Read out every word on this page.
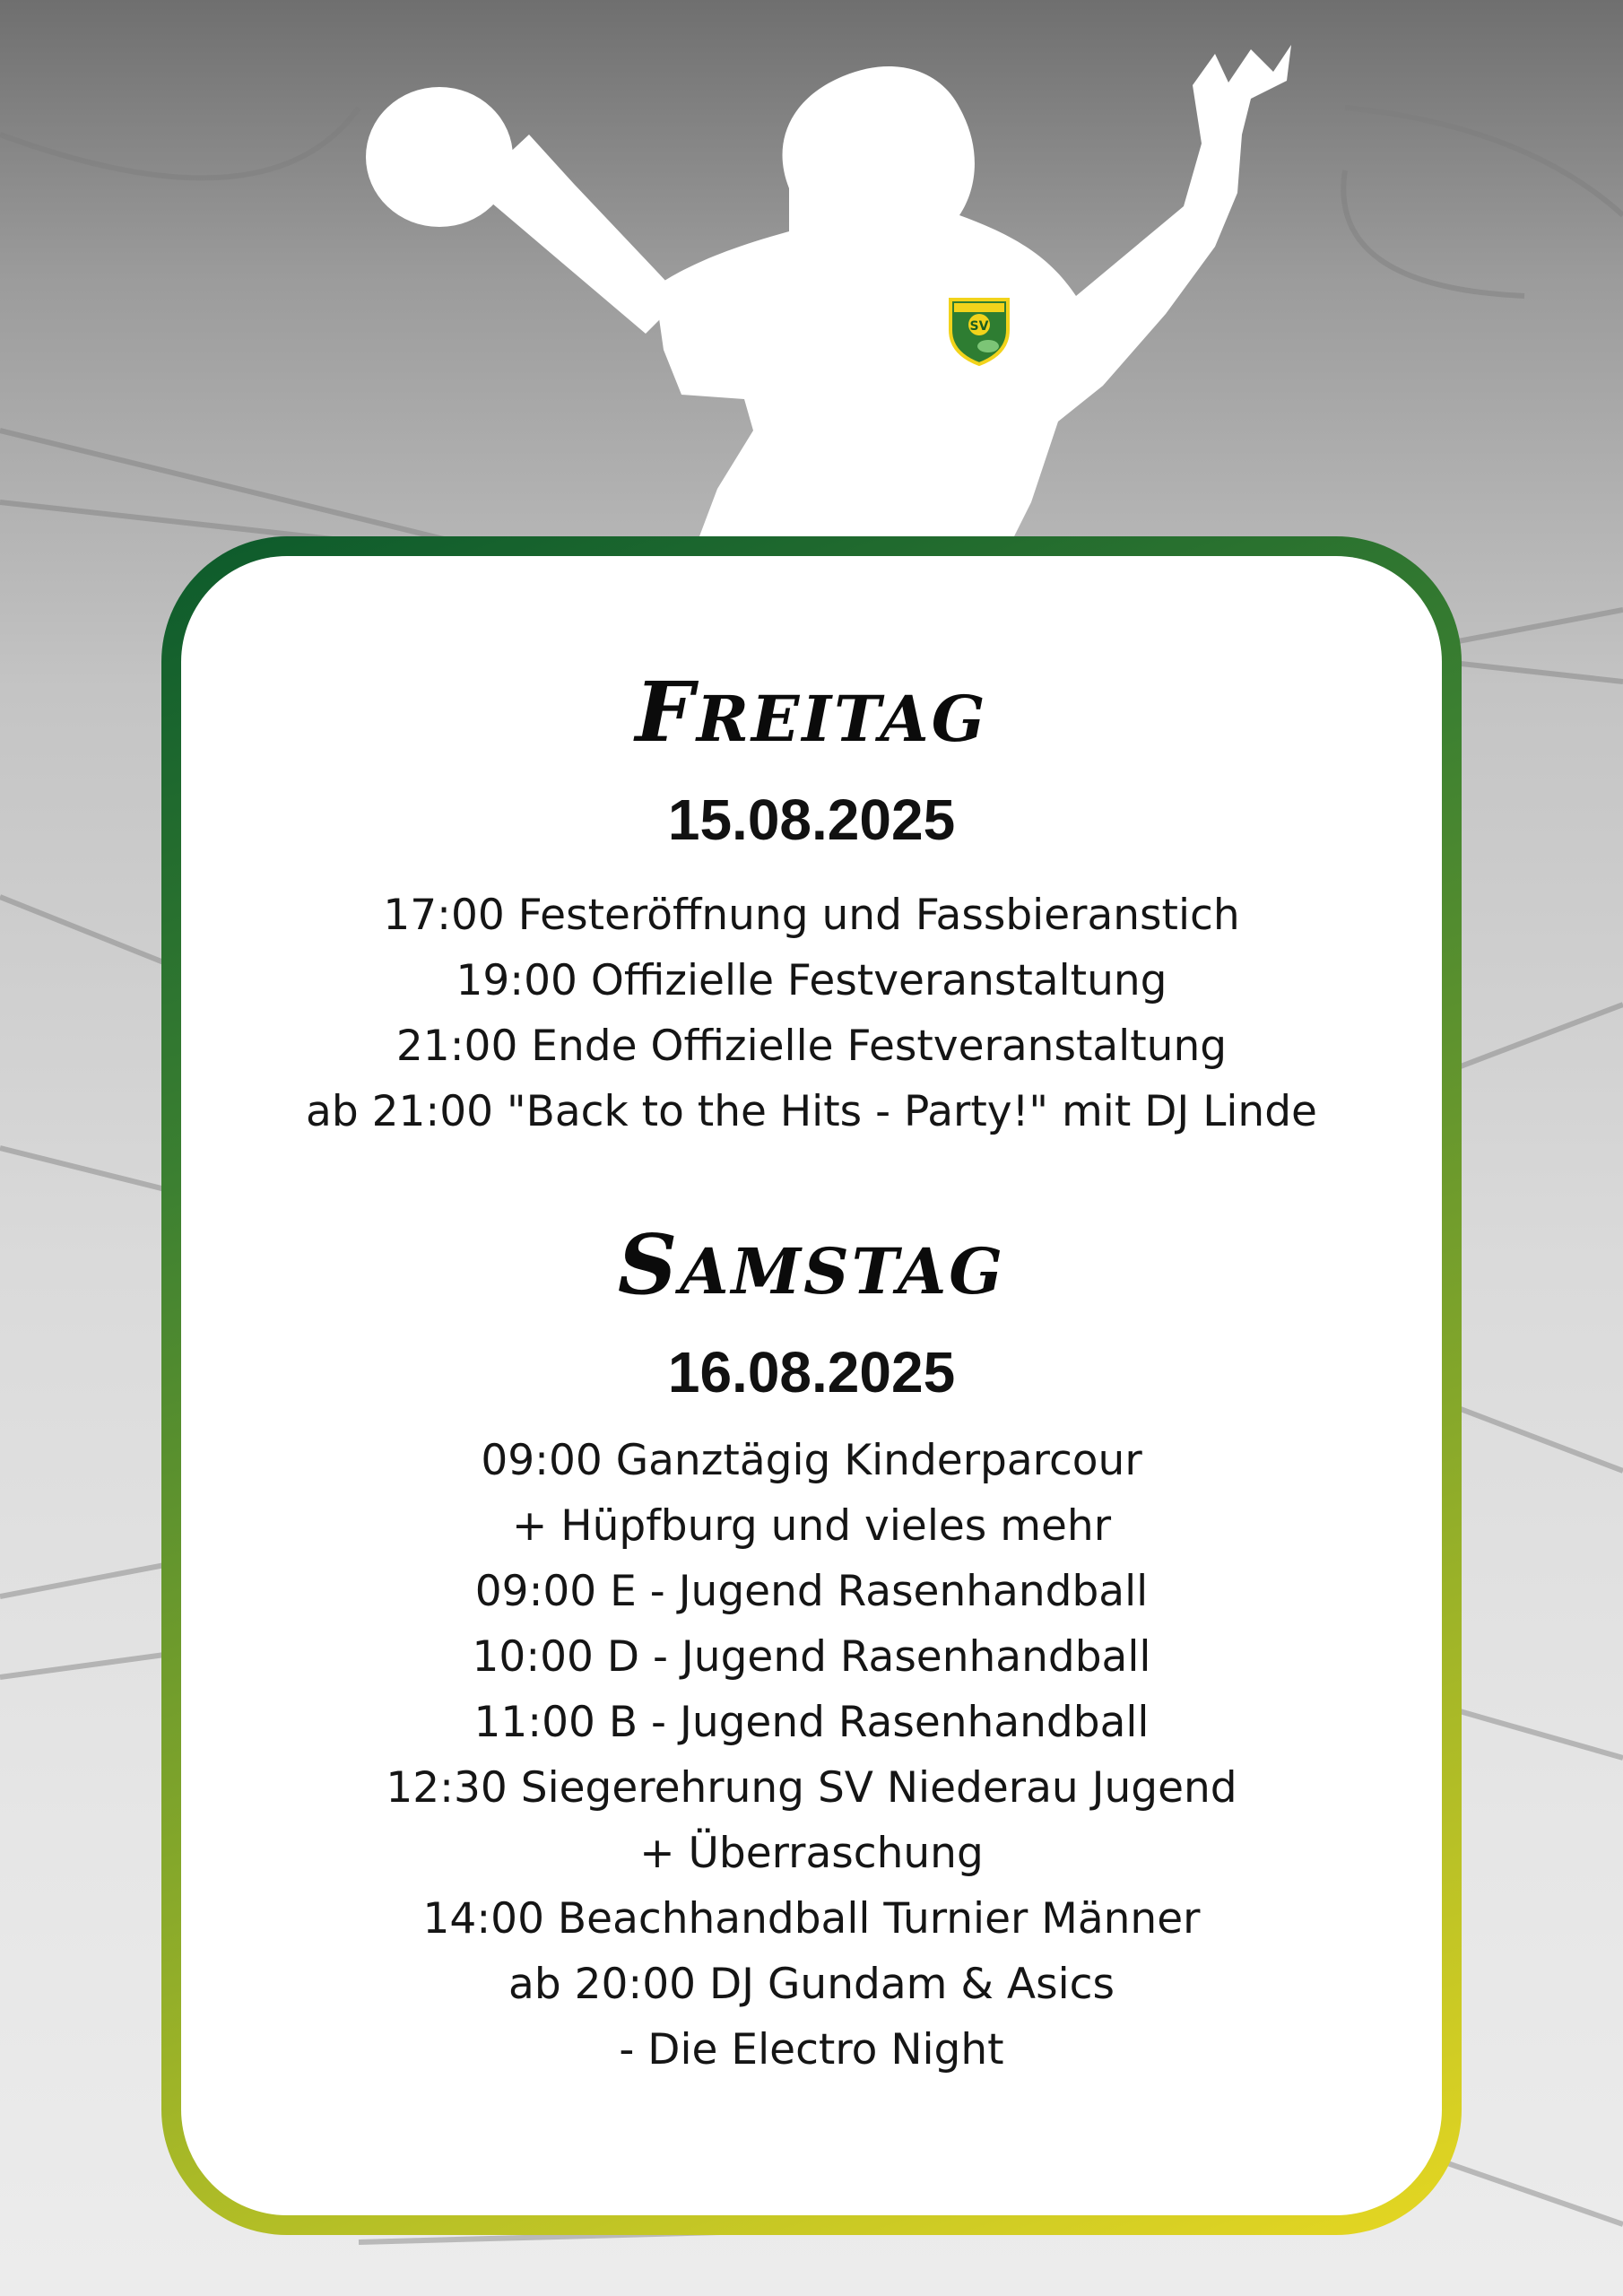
SV
FREITAG
15.08.2025
17:00 Festeröffnung und Fassbieranstich
19:00 Offizielle Festveranstaltung
21:00 Ende Offizielle Festveranstaltung
ab 21:00 "Back to the Hits - Party!" mit DJ Linde
SAMSTAG
16.08.2025
09:00 Ganztägig Kinderparcour
+ Hüpfburg und vieles mehr
09:00 E - Jugend Rasenhandball
10:00 D - Jugend Rasenhandball
11:00 B - Jugend Rasenhandball
12:30 Siegerehrung SV Niederau Jugend
+ Überraschung
14:00 Beachhandball Turnier Männer
ab 20:00 DJ Gundam & Asics
- Die Electro Night
